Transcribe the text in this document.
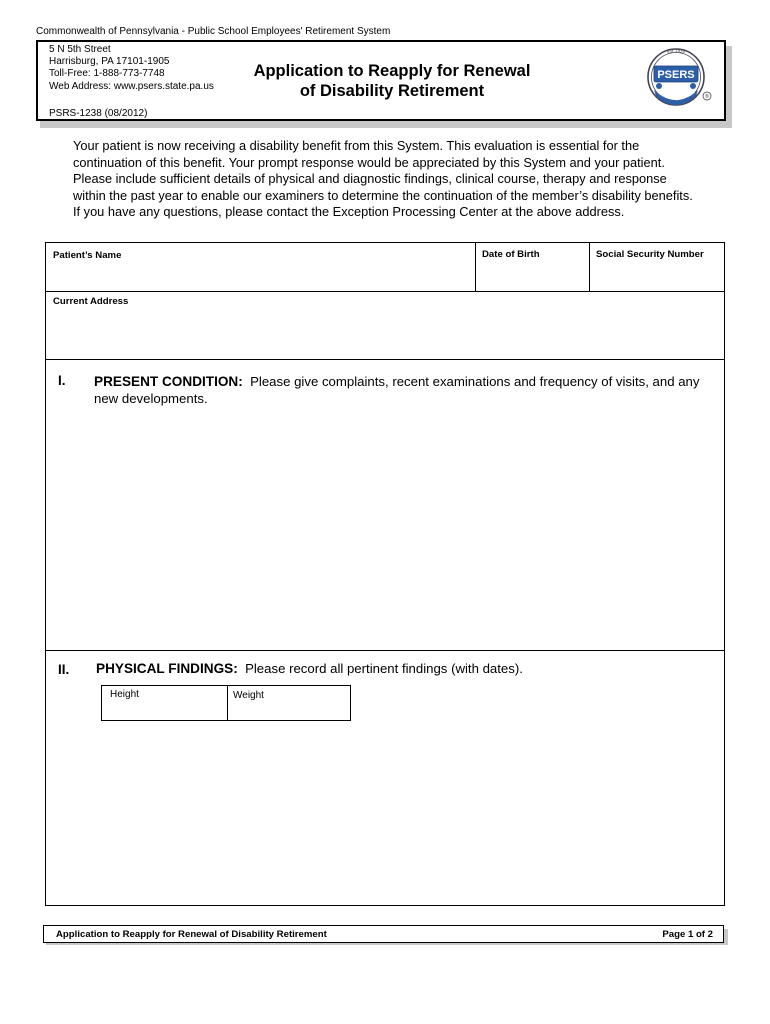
Commonwealth of Pennsylvania - Public School Employees' Retirement System
5 N 5th Street
Harrisburg, PA 17101-1905
Toll-Free: 1-888-773-7748
Web Address: www.psers.state.pa.us
PSRS-1238 (08/2012)
Application to Reapply for Renewal
of Disability Retirement
Est. 1919
PSERS
Partners for your Future
®
Your patient is now receiving a disability benefit from this System. This evaluation is essential for the continuation of this benefit. Your prompt response would be appreciated by this System and your patient. Please include sufficient details of physical and diagnostic findings, clinical course, therapy and response within the past year to enable our examiners to determine the continuation of the member’s disability benefits. If you have any questions, please contact the Exception Processing Center at the above address.
Patient’s Name	Date of Birth	Social Security Number
Current Address
I. PRESENT CONDITION: Please give complaints, recent examinations and frequency of visits, and any new developments.
II. PHYSICAL FINDINGS: Please record all pertinent findings (with dates).
Height	Weight
Application to Reapply for Renewal of Disability Retirement	Page 1 of 2
